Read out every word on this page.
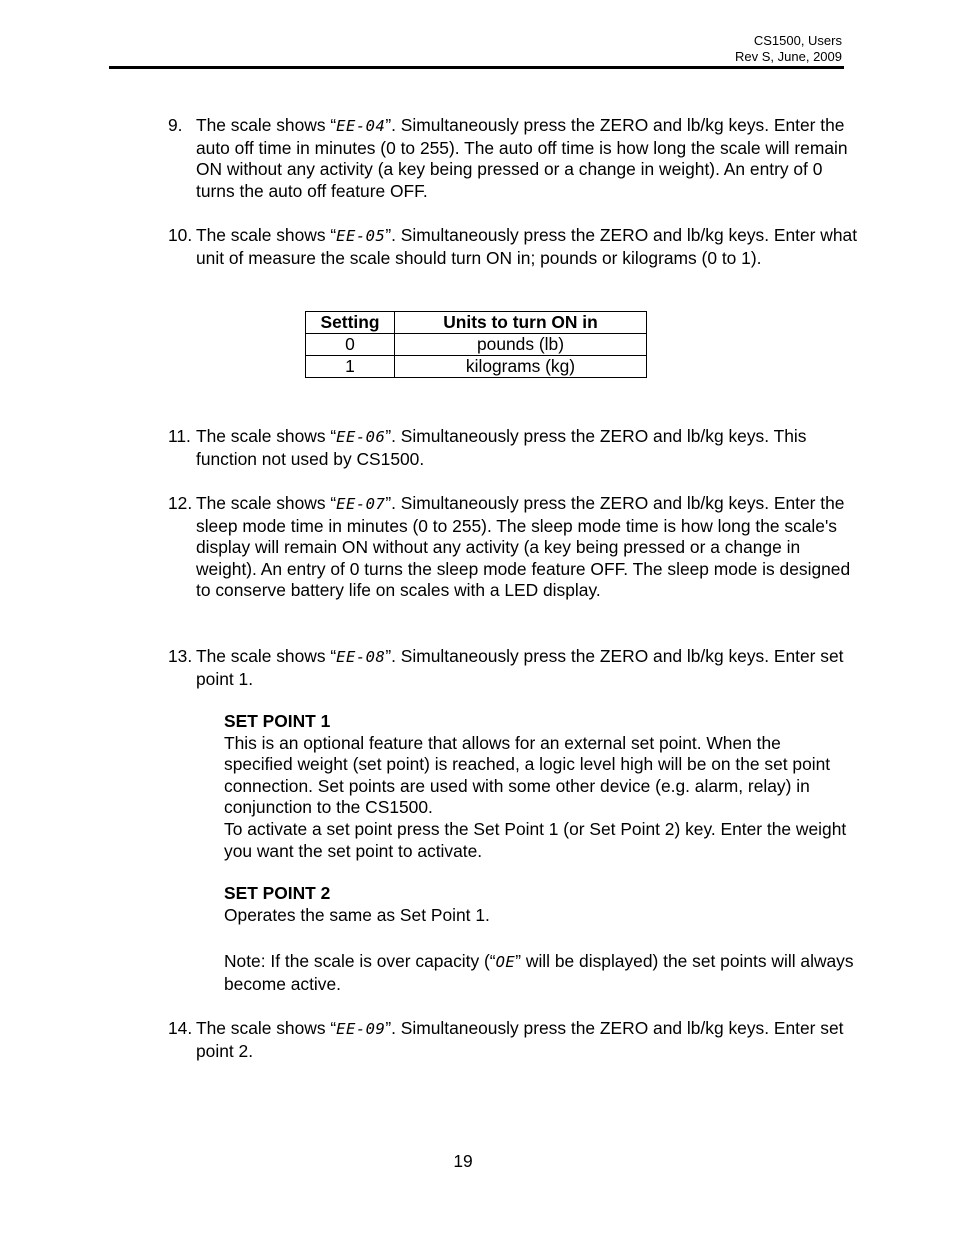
CS1500, Users
Rev S, June, 2009
9. The scale shows “EE-04”. Simultaneously press the ZERO and lb/kg keys. Enter the auto off time in minutes (0 to 255). The auto off time is how long the scale will remain ON without any activity (a key being pressed or a change in weight). An entry of 0 turns the auto off feature OFF.
10. The scale shows “EE-05”. Simultaneously press the ZERO and lb/kg keys. Enter what unit of measure the scale should turn ON in; pounds or kilograms (0 to 1).
Setting	Units to turn ON in
0	pounds (lb)
1	kilograms (kg)
11. The scale shows “EE-06”. Simultaneously press the ZERO and lb/kg keys. This function not used by CS1500.
12. The scale shows “EE-07”. Simultaneously press the ZERO and lb/kg keys. Enter the sleep mode time in minutes (0 to 255). The sleep mode time is how long the scale's display will remain ON without any activity (a key being pressed or a change in weight). An entry of 0 turns the sleep mode feature OFF. The sleep mode is designed to conserve battery life on scales with a LED display.
13. The scale shows “EE-08”. Simultaneously press the ZERO and lb/kg keys. Enter set point 1.
SET POINT 1
This is an optional feature that allows for an external set point. When the specified weight (set point) is reached, a logic level high will be on the set point connection. Set points are used with some other device (e.g. alarm, relay) in conjunction to the CS1500.
To activate a set point press the Set Point 1 (or Set Point 2) key. Enter the weight you want the set point to activate.
SET POINT 2
Operates the same as Set Point 1.
Note: If the scale is over capacity (“OE” will be displayed) the set points will always become active.
14. The scale shows “EE-09”. Simultaneously press the ZERO and lb/kg keys. Enter set point 2.
19
